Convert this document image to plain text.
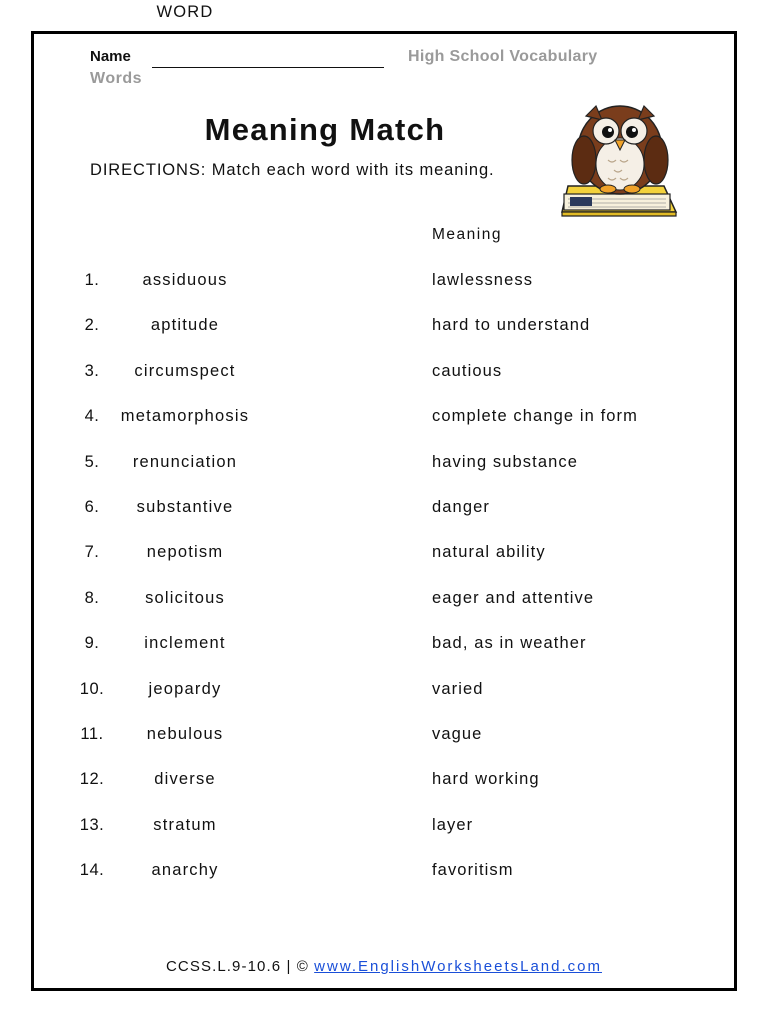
Name	High School Vocabulary
Words
Meaning Match
DIRECTIONS: Match each word with its meaning.
WORD
Meaning
1.	assiduous	lawlessness
2.	aptitude	hard to understand
3.	circumspect	cautious
4.	metamorphosis	complete change in form
5.	renunciation	having substance
6.	substantive	danger
7.	nepotism	natural ability
8.	solicitous	eager and attentive
9.	inclement	bad, as in weather
10.	jeopardy	varied
11.	nebulous	vague
12.	diverse	hard working
13.	stratum	layer
14.	anarchy	favoritism
CCSS.L.9-10.6 | © www.EnglishWorksheetsLand.com
